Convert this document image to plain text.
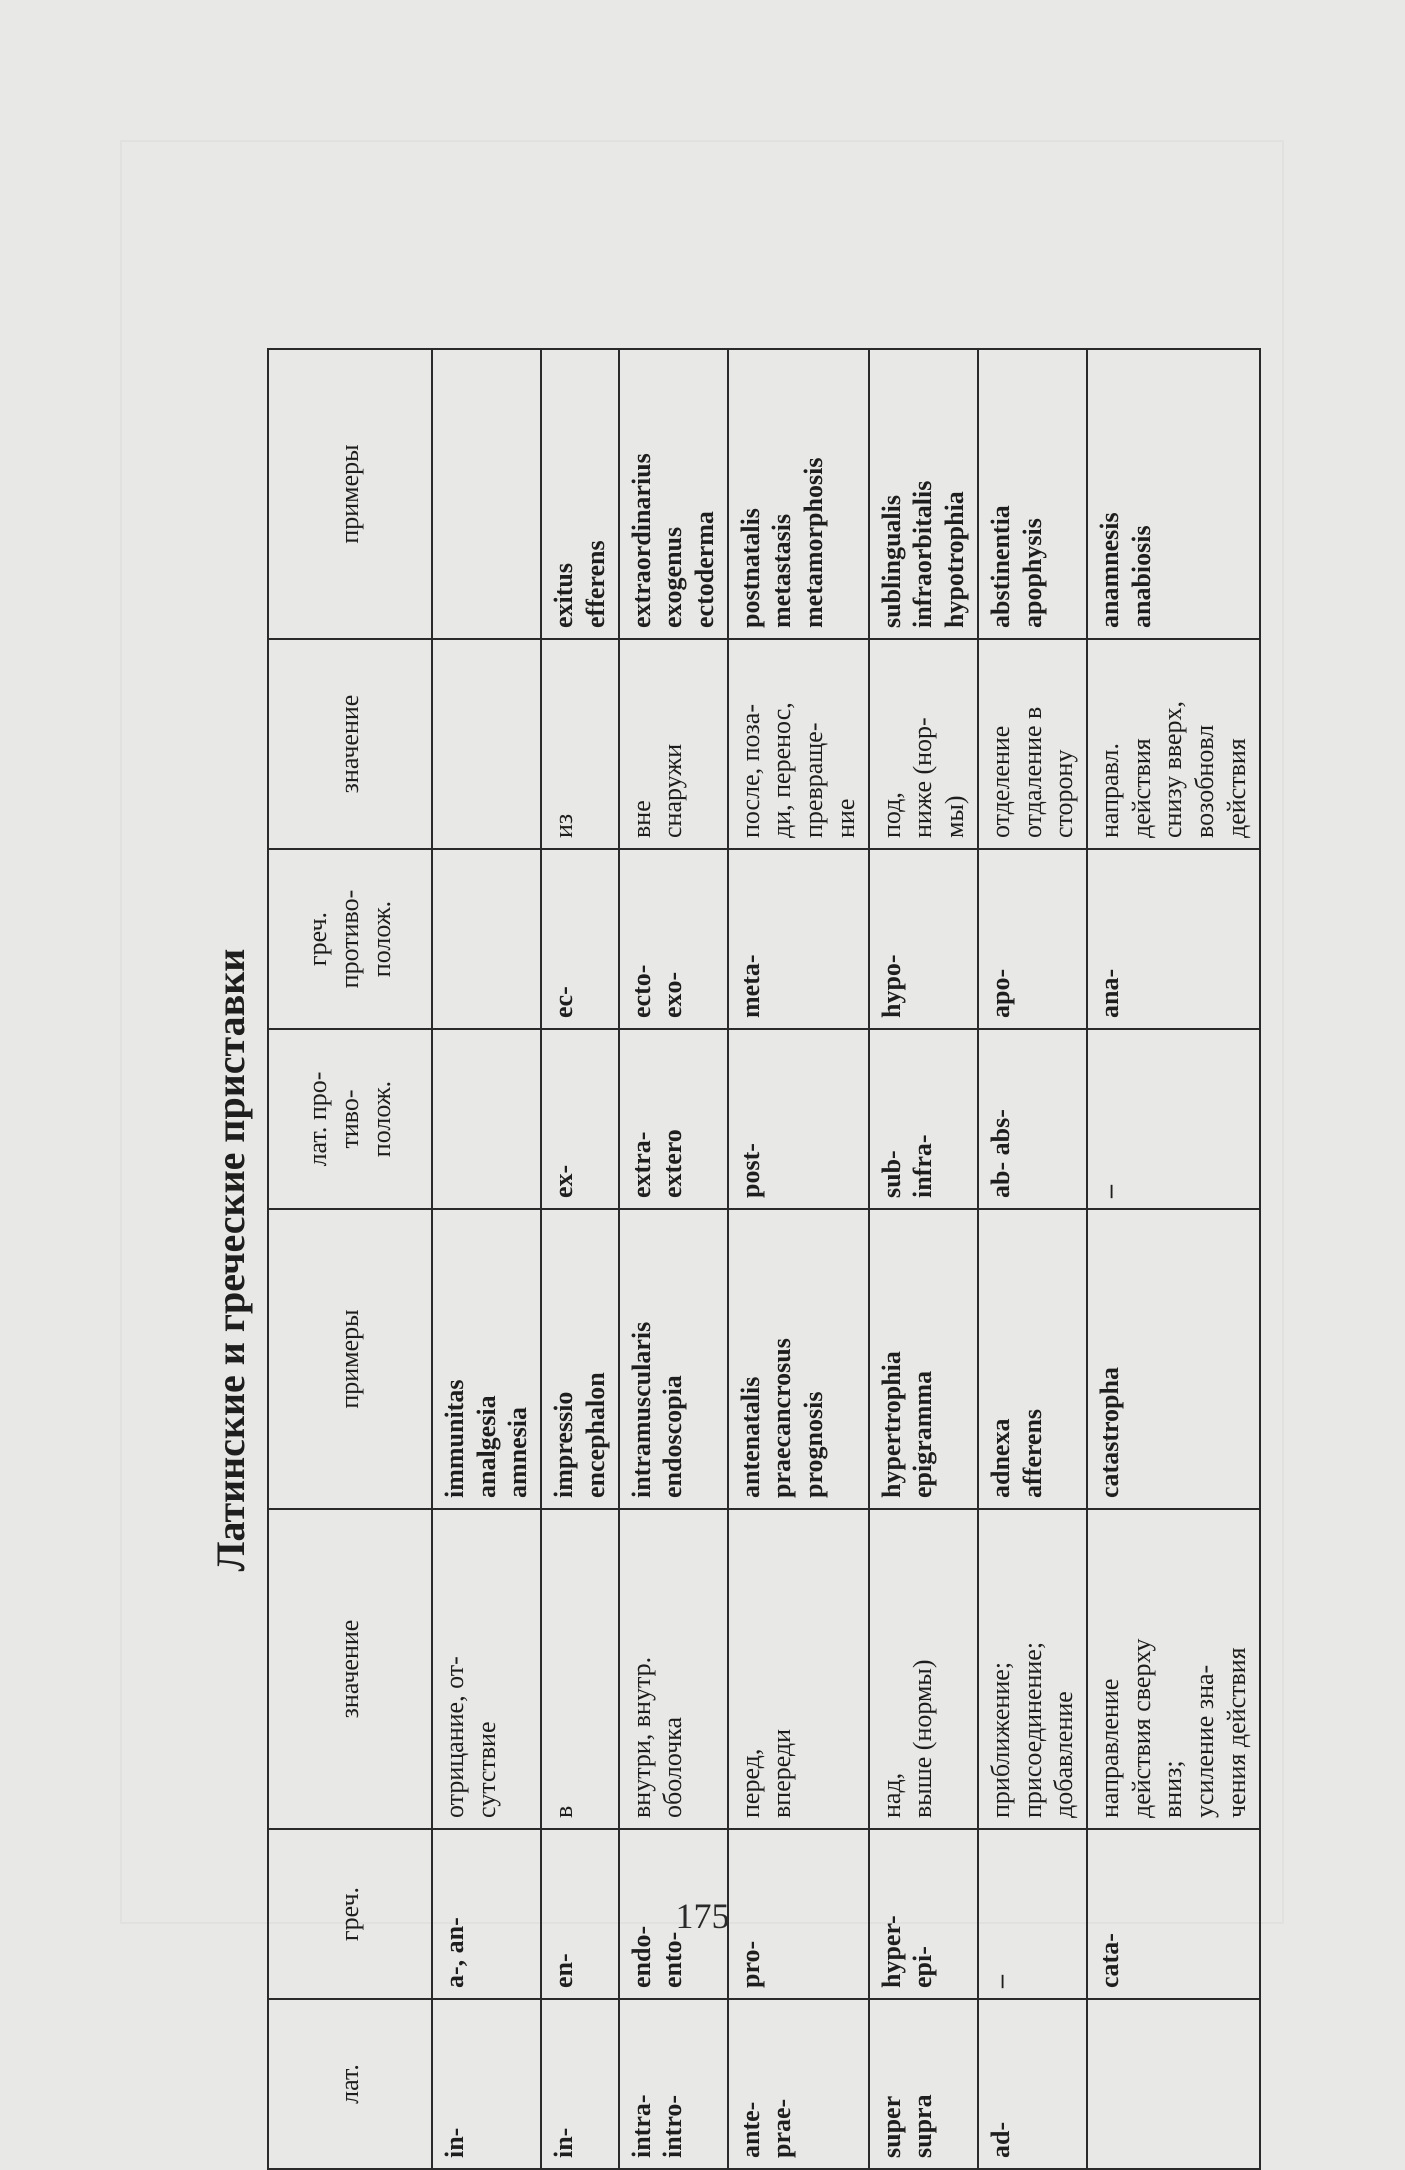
Латинские и греческие приставки
лат.	греч.	значение	примеры	лат. про- тиво- полож.	греч. противо- полож.	значение	примеры

in-	a-, an-	отрицание, от- сутствие	immunitas analgesia amnesia				

in-	en-	в	impressio encephalon	ex-	ec-	из	exitus efferens

intra- intro-	endo- ento-	внутри, внутр. оболочка	intramuscularis endoscopia	extra- extero	ecto- exo-	вне снаружи	extraordinarius exogenus ectoderma

ante- prae-	pro-	перед, впереди	antenatalis praecancrosus prognosis	post-	meta-	после, поза- ди, перенос, превраще- ние	postnatalis metastasis metamorphosis

super supra	hyper- epi-	над, выше (нормы)	hypertrophia epigramma	sub- infra-	hypo-	под, ниже (нор- мы)	sublingualis infraorbitalis hypotrophia

ad-	–	приближение; присоединение; добавление	adnexa afferens	ab- abs-	apo-	отделение отдаление в сторону	abstinentia apophysis

	cata-	направление действия сверху вниз; усиление зна- чения действия	catastropha	–	ana-	направл. действия снизу вверх, возобновл действия	anamnesis anabiosis
175
